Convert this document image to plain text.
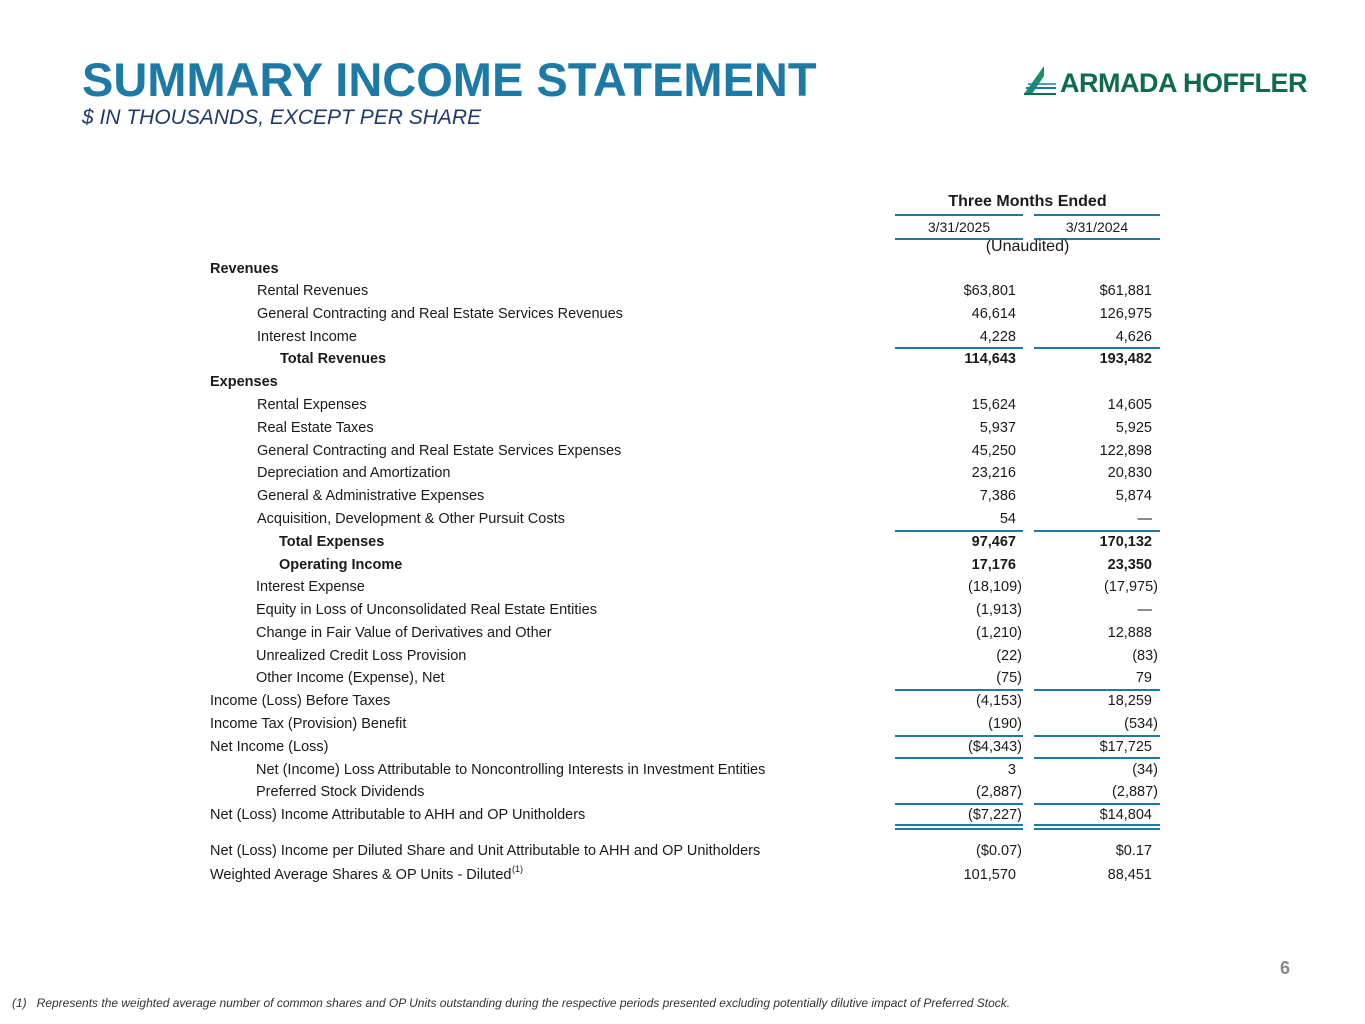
SUMMARY INCOME STATEMENT
$ IN THOUSANDS, EXCEPT PER SHARE
ARMADA HOFFLER
Three Months Ended
3/31/2025	3/31/2024
(Unaudited)
Revenues
Rental Revenues	$63,801	$61,881
General Contracting and Real Estate Services Revenues	46,614	126,975
Interest Income	4,228	4,626
Total Revenues	114,643	193,482
Expenses
Rental Expenses	15,624	14,605
Real Estate Taxes	5,937	5,925
General Contracting and Real Estate Services Expenses	45,250	122,898
Depreciation and Amortization	23,216	20,830
General & Administrative Expenses	7,386	5,874
Acquisition, Development & Other Pursuit Costs	54	—
Total Expenses	97,467	170,132
Operating Income	17,176	23,350
Interest Expense	(18,109)	(17,975)
Equity in Loss of Unconsolidated Real Estate Entities	(1,913)	—
Change in Fair Value of Derivatives and Other	(1,210)	12,888
Unrealized Credit Loss Provision	(22)	(83)
Other Income (Expense), Net	(75)	79
Income (Loss) Before Taxes	(4,153)	18,259
Income Tax (Provision) Benefit	(190)	(534)
Net Income (Loss)	($4,343)	$17,725
Net (Income) Loss Attributable to Noncontrolling Interests in Investment Entities	3	(34)
Preferred Stock Dividends	(2,887)	(2,887)
Net (Loss) Income Attributable to AHH and OP Unitholders	($7,227)	$14,804
Net (Loss) Income per Diluted Share and Unit Attributable to AHH and OP Unitholders	($0.07)	$0.17
Weighted Average Shares & OP Units - Diluted (1)	101,570	88,451
6
(1) Represents the weighted average number of common shares and OP Units outstanding during the respective periods presented excluding potentially dilutive impact of Preferred Stock.
